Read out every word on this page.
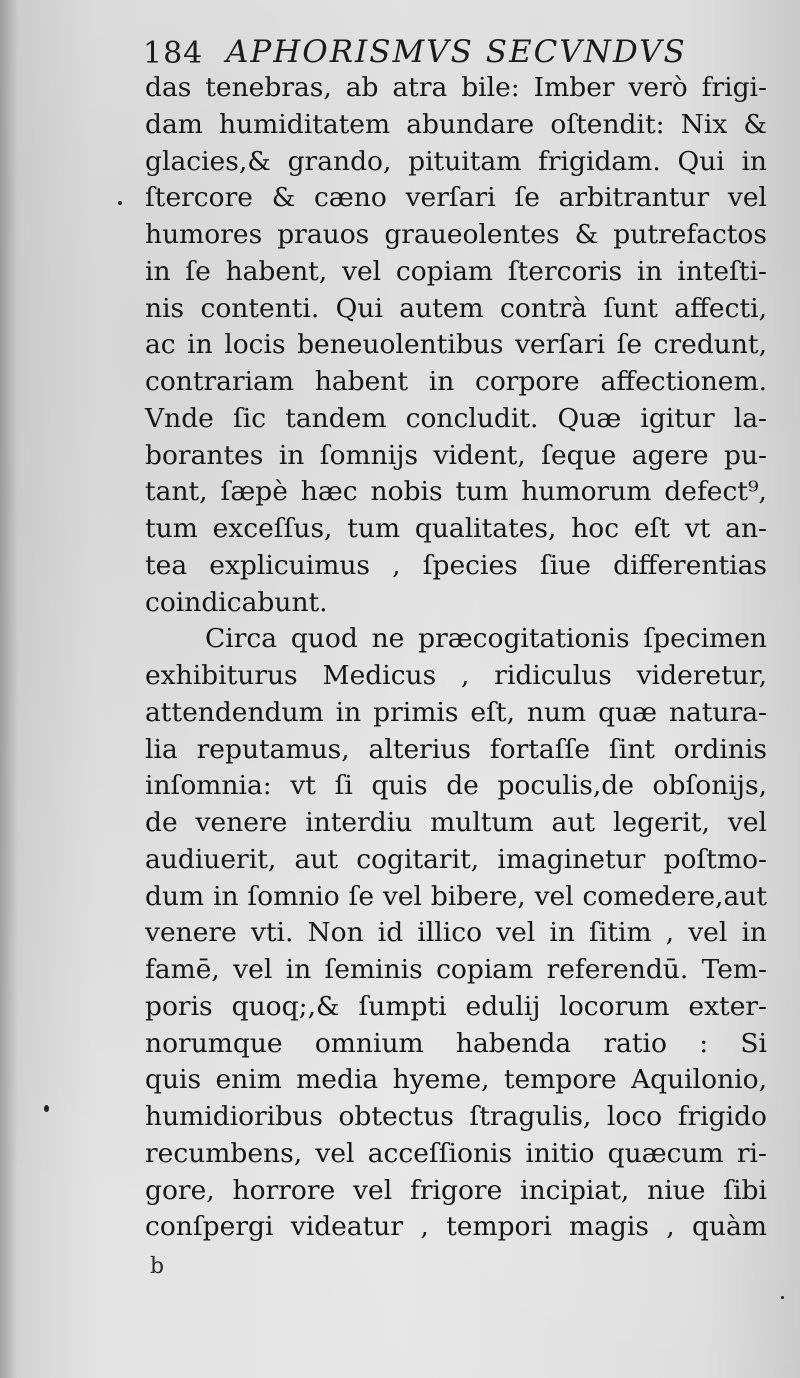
184 APHORISMVS SECVNDVS
das tenebras, ab atra bile: Imber verò frigi-
dam humiditatem abundare oſtendit: Nix &
glacies,& grando, pituitam frigidam. Qui in
ſtercore & cæno verſari ſe arbitrantur vel
humores prauos graueolentes & putrefactos
in ſe habent, vel copiam ſtercoris in inteſti-
nis contenti. Qui autem contrà ſunt affecti,
ac in locis beneuolentibus verſari ſe credunt,
contrariam habent in corpore affectionem.
Vnde ſic tandem concludit. Quæ igitur la-
borantes in ſomnijs vident, ſeque agere pu-
tant, ſæpè hæc nobis tum humorum defect⁹,
tum exceſſus, tum qualitates, hoc eſt vt an-
tea explicuimus , ſpecies ſiue differentias
coindicabunt.
Circa quod ne præcogitationis ſpecimen
exhibiturus Medicus , ridiculus videretur,
attendendum in primis eſt, num quæ natura-
lia reputamus, alterius fortaſſe ſint ordinis
inſomnia: vt ſi quis de poculis,de obſonijs,
de venere interdiu multum aut legerit, vel
audiuerit, aut cogitarit, imaginetur poſtmo-
dum in ſomnio ſe vel bibere, vel comedere,aut
venere vti. Non id illico vel in ſitim , vel in
famē, vel in ſeminis copiam referendū. Tem-
poris quoq;,& ſumpti edulij locorum exter-
norumque omnium habenda ratio : Si
quis enim media hyeme, tempore Aquilonio,
humidioribus obtectus ſtragulis, loco frigido
recumbens, vel acceſſionis initio quæcum ri-
gore, horrore vel frigore incipiat, niue ſibi
conſpergi videatur , tempori magis , quàm
b
